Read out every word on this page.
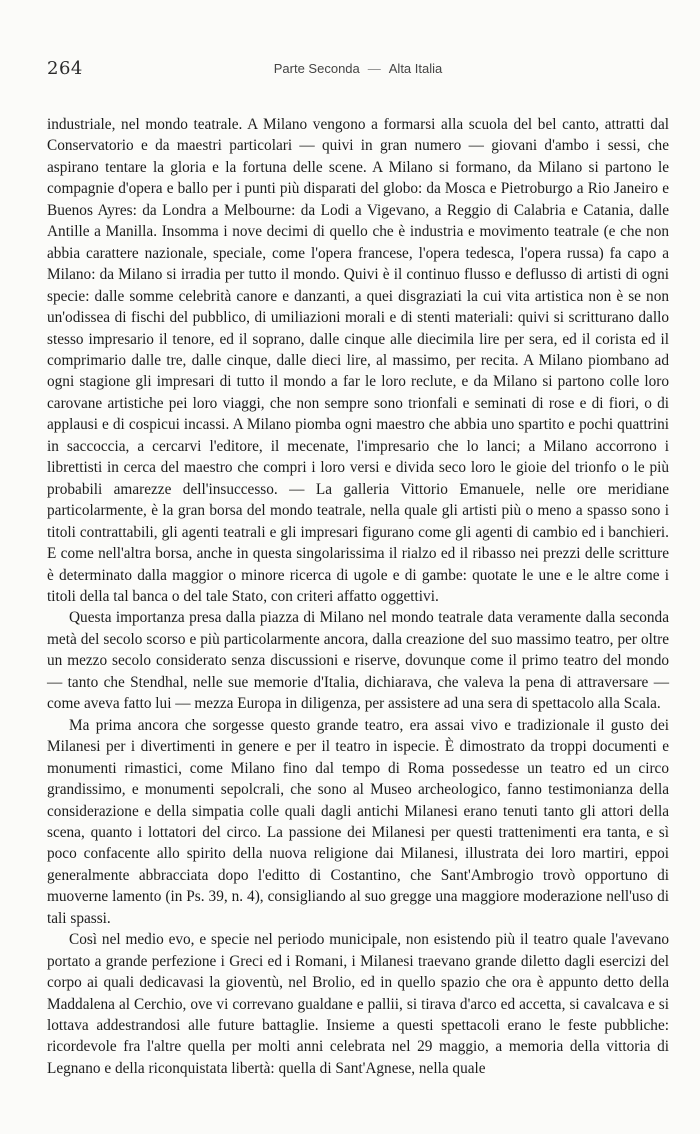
264	Parte Seconda — Alta Italia

industriale, nel mondo teatrale. A Milano vengono a formarsi alla scuola del bel canto, attratti dal Conservatorio e da maestri particolari — quivi in gran numero — giovani d'ambo i sessi, che aspirano tentare la gloria e la fortuna delle scene. A Milano si formano, da Milano si partono le compagnie d'opera e ballo per i punti più disparati del globo: da Mosca e Pietroburgo a Rio Janeiro e Buenos Ayres: da Londra a Melbourne: da Lodi a Vigevano, a Reggio di Calabria e Catania, dalle Antille a Manilla. Insomma i nove decimi di quello che è industria e movimento teatrale (e che non abbia carattere nazionale, speciale, come l'opera francese, l'opera tedesca, l'opera russa) fa capo a Milano: da Milano si irradia per tutto il mondo. Quivi è il continuo flusso e deflusso di artisti di ogni specie: dalle somme celebrità canore e danzanti, a quei disgraziati la cui vita artistica non è se non un'odissea di fischi del pubblico, di umiliazioni morali e di stenti materiali: quivi si scritturano dallo stesso impresario il tenore, ed il soprano, dalle cinque alle diecimila lire per sera, ed il corista ed il comprimario dalle tre, dalle cinque, dalle dieci lire, al massimo, per recita. A Milano piombano ad ogni stagione gli impresari di tutto il mondo a far le loro reclute, e da Milano si partono colle loro carovane artistiche pei loro viaggi, che non sempre sono trionfali e seminati di rose e di fiori, o di applausi e di cospicui incassi. A Milano piomba ogni maestro che abbia uno spartito e pochi quattrini in saccoccia, a cercarvi l'editore, il mecenate, l'impresario che lo lanci; a Milano accorrono i librettisti in cerca del maestro che compri i loro versi e divida seco loro le gioie del trionfo o le più probabili amarezze dell'insuccesso. — La galleria Vittorio Emanuele, nelle ore meridiane particolarmente, è la gran borsa del mondo teatrale, nella quale gli artisti più o meno a spasso sono i titoli contrattabili, gli agenti teatrali e gli impresari figurano come gli agenti di cambio ed i banchieri. E come nell'altra borsa, anche in questa singolarissima il rialzo ed il ribasso nei prezzi delle scritture è determinato dalla maggior o minore ricerca di ugole e di gambe: quotate le une e le altre come i titoli della tal banca o del tale Stato, con criteri affatto oggettivi.

Questa importanza presa dalla piazza di Milano nel mondo teatrale data veramente dalla seconda metà del secolo scorso e più particolarmente ancora, dalla creazione del suo massimo teatro, per oltre un mezzo secolo considerato senza discussioni e riserve, dovunque come il primo teatro del mondo — tanto che Stendhal, nelle sue memorie d'Italia, dichiarava, che valeva la pena di attraversare — come aveva fatto lui — mezza Europa in diligenza, per assistere ad una sera di spettacolo alla Scala.

Ma prima ancora che sorgesse questo grande teatro, era assai vivo e tradizionale il gusto dei Milanesi per i divertimenti in genere e per il teatro in ispecie. È dimostrato da troppi documenti e monumenti rimastici, come Milano fino dal tempo di Roma possedesse un teatro ed un circo grandissimo, e monumenti sepolcrali, che sono al Museo archeologico, fanno testimonianza della considerazione e della simpatia colle quali dagli antichi Milanesi erano tenuti tanto gli attori della scena, quanto i lottatori del circo. La passione dei Milanesi per questi trattenimenti era tanta, e sì poco confacente allo spirito della nuova religione dai Milanesi, illustrata dei loro martiri, eppoi generalmente abbracciata dopo l'editto di Costantino, che Sant'Ambrogio trovò opportuno di muoverne lamento (in Ps. 39, n. 4), consigliando al suo gregge una maggiore moderazione nell'uso di tali spassi.

Così nel medio evo, e specie nel periodo municipale, non esistendo più il teatro quale l'avevano portato a grande perfezione i Greci ed i Romani, i Milanesi traevano grande diletto dagli esercizi del corpo ai quali dedicavasi la gioventù, nel Brolio, ed in quello spazio che ora è appunto detto della Maddalena al Cerchio, ove vi correvano gualdane e pallii, si tirava d'arco ed accetta, si cavalcava e si lottava addestrandosi alle future battaglie. Insieme a questi spettacoli erano le feste pubbliche: ricordevole fra l'altre quella per molti anni celebrata nel 29 maggio, a memoria della vittoria di Legnano e della riconquistata libertà: quella di Sant'Agnese, nella quale
